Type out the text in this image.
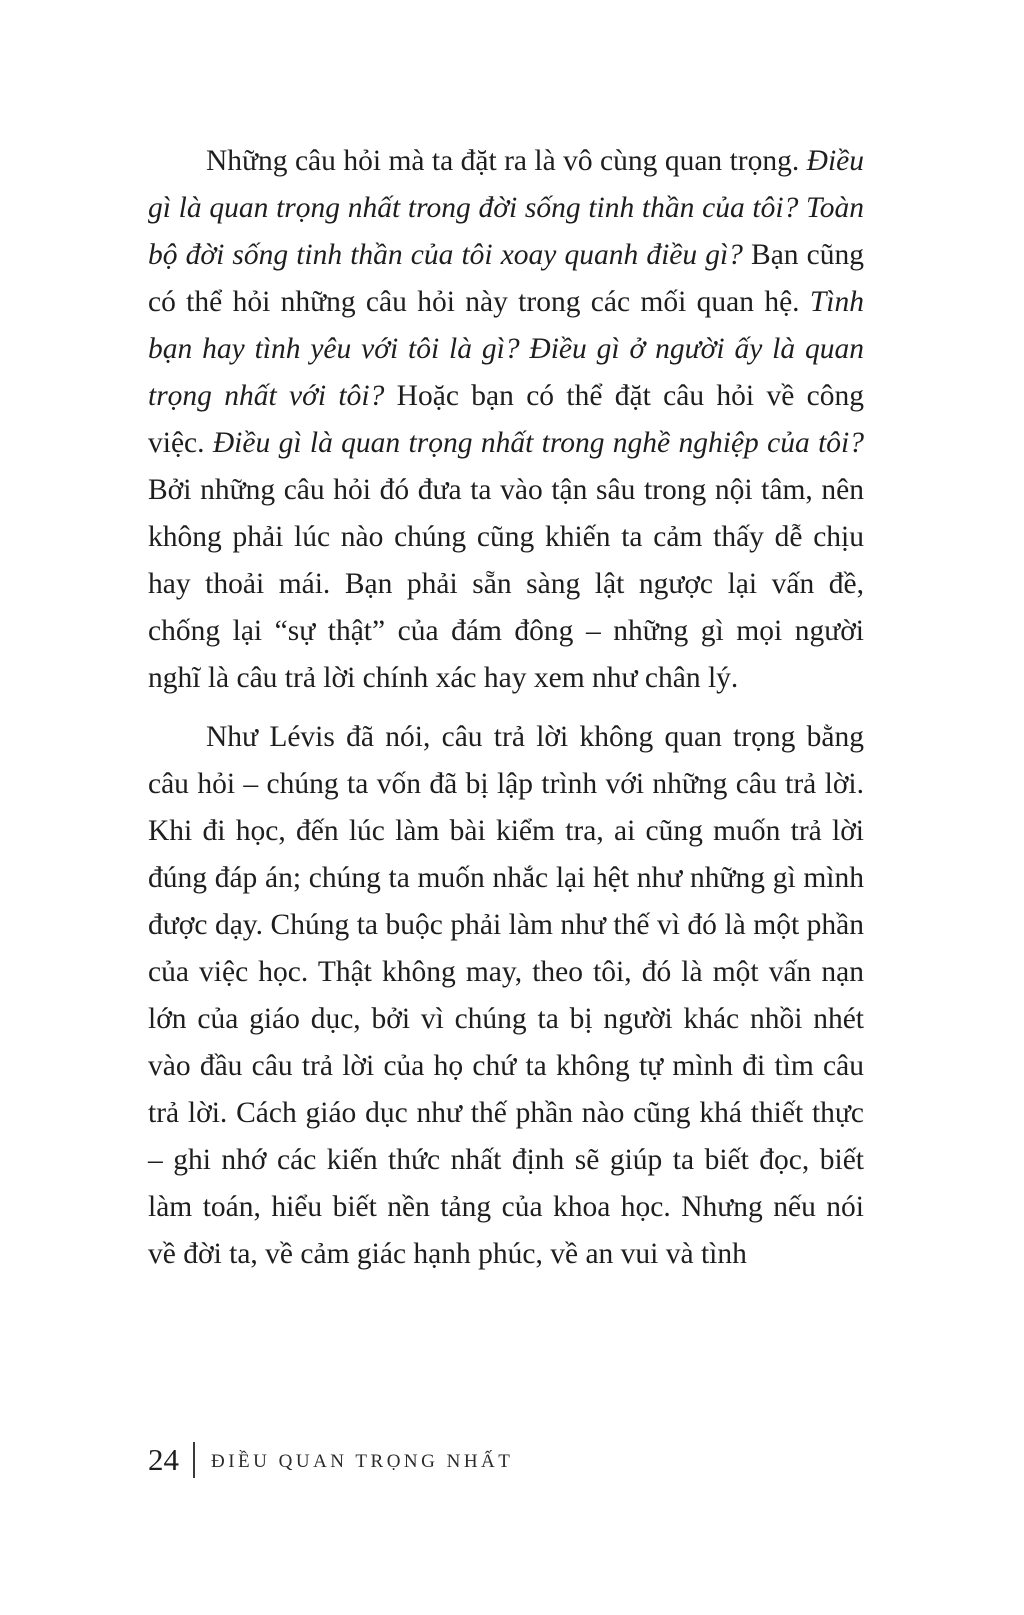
Những câu hỏi mà ta đặt ra là vô cùng quan trọng. Điều gì là quan trọng nhất trong đời sống tinh thần của tôi? Toàn bộ đời sống tinh thần của tôi xoay quanh điều gì? Bạn cũng có thể hỏi những câu hỏi này trong các mối quan hệ. Tình bạn hay tình yêu với tôi là gì? Điều gì ở người ấy là quan trọng nhất với tôi? Hoặc bạn có thể đặt câu hỏi về công việc. Điều gì là quan trọng nhất trong nghề nghiệp của tôi? Bởi những câu hỏi đó đưa ta vào tận sâu trong nội tâm, nên không phải lúc nào chúng cũng khiến ta cảm thấy dễ chịu hay thoải mái. Bạn phải sẵn sàng lật ngược lại vấn đề, chống lại “sự thật” của đám đông – những gì mọi người nghĩ là câu trả lời chính xác hay xem như chân lý.

Như Lévis đã nói, câu trả lời không quan trọng bằng câu hỏi – chúng ta vốn đã bị lập trình với những câu trả lời. Khi đi học, đến lúc làm bài kiểm tra, ai cũng muốn trả lời đúng đáp án; chúng ta muốn nhắc lại hệt như những gì mình được dạy. Chúng ta buộc phải làm như thế vì đó là một phần của việc học. Thật không may, theo tôi, đó là một vấn nạn lớn của giáo dục, bởi vì chúng ta bị người khác nhồi nhét vào đầu câu trả lời của họ chứ ta không tự mình đi tìm câu trả lời. Cách giáo dục như thế phần nào cũng khá thiết thực – ghi nhớ các kiến thức nhất định sẽ giúp ta biết đọc, biết làm toán, hiểu biết nền tảng của khoa học. Nhưng nếu nói về đời ta, về cảm giác hạnh phúc, về an vui và tình

24 ĐIỀU QUAN TRỌNG NHẤT
